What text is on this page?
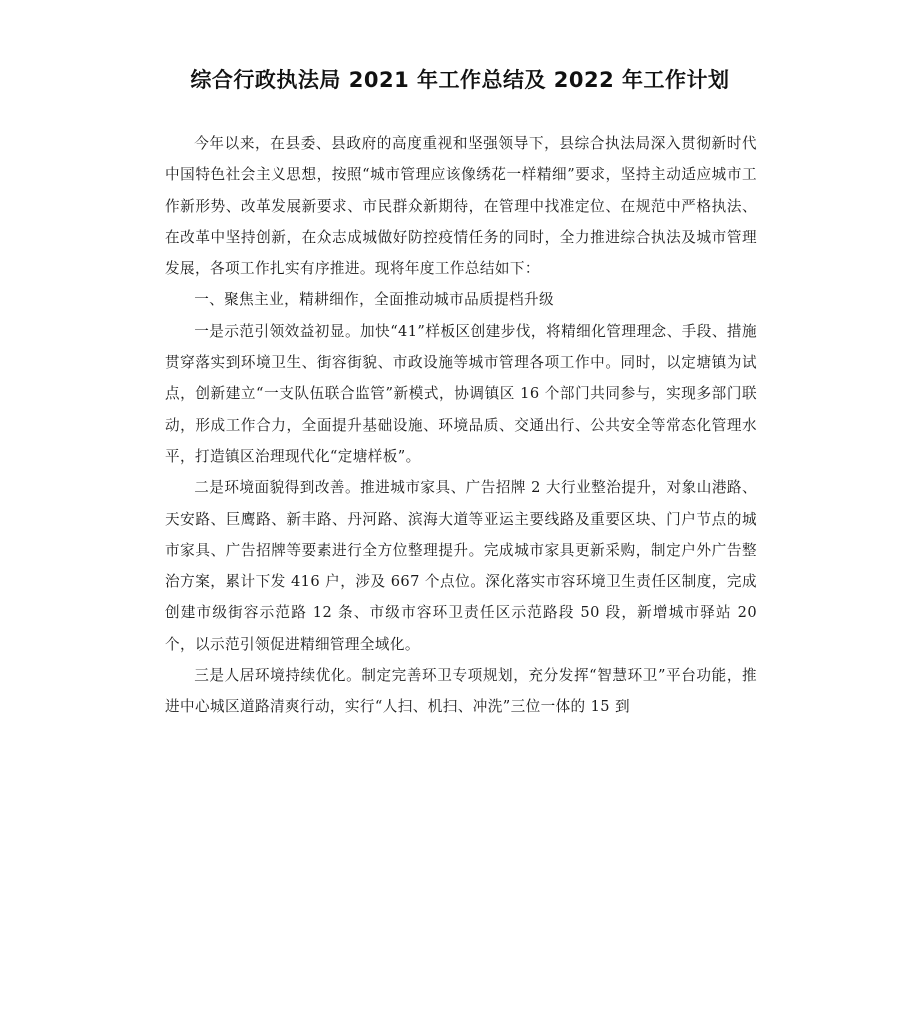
综合行政执法局 2021 年工作总结及 2022 年工作计划

今年以来，在县委、县政府的高度重视和坚强领导下，县综合执法局深入贯彻新时代中国特色社会主义思想，按照“城市管理应该像绣花一样精细”要求，坚持主动适应城市工作新形势、改革发展新要求、市民群众新期待，在管理中找准定位、在规范中严格执法、在改革中坚持创新，在众志成城做好防控疫情任务的同时，全力推进综合执法及城市管理发展，各项工作扎实有序推进。现将年度工作总结如下：

一、聚焦主业，精耕细作，全面推动城市品质提档升级

一是示范引领效益初显。加快“41”样板区创建步伐，将精细化管理理念、手段、措施贯穿落实到环境卫生、街容街貌、市政设施等城市管理各项工作中。同时，以定塘镇为试点，创新建立“一支队伍联合监管”新模式，协调镇区 16 个部门共同参与，实现多部门联动，形成工作合力，全面提升基础设施、环境品质、交通出行、公共安全等常态化管理水平，打造镇区治理现代化“定塘样板”。

二是环境面貌得到改善。推进城市家具、广告招牌 2 大行业整治提升，对象山港路、天安路、巨鹰路、新丰路、丹河路、滨海大道等亚运主要线路及重要区块、门户节点的城市家具、广告招牌等要素进行全方位整理提升。完成城市家具更新采购，制定户外广告整治方案，累计下发 416 户，涉及 667 个点位。深化落实市容环境卫生责任区制度，完成创建市级街容示范路 12 条、市级市容环卫责任区示范路段 50 段，新增城市驿站 20 个，以示范引领促进精细管理全域化。

三是人居环境持续优化。制定完善环卫专项规划，充分发挥“智慧环卫”平台功能，推进中心城区道路清爽行动，实行“人扫、机扫、冲洗”三位一体的 15 到
